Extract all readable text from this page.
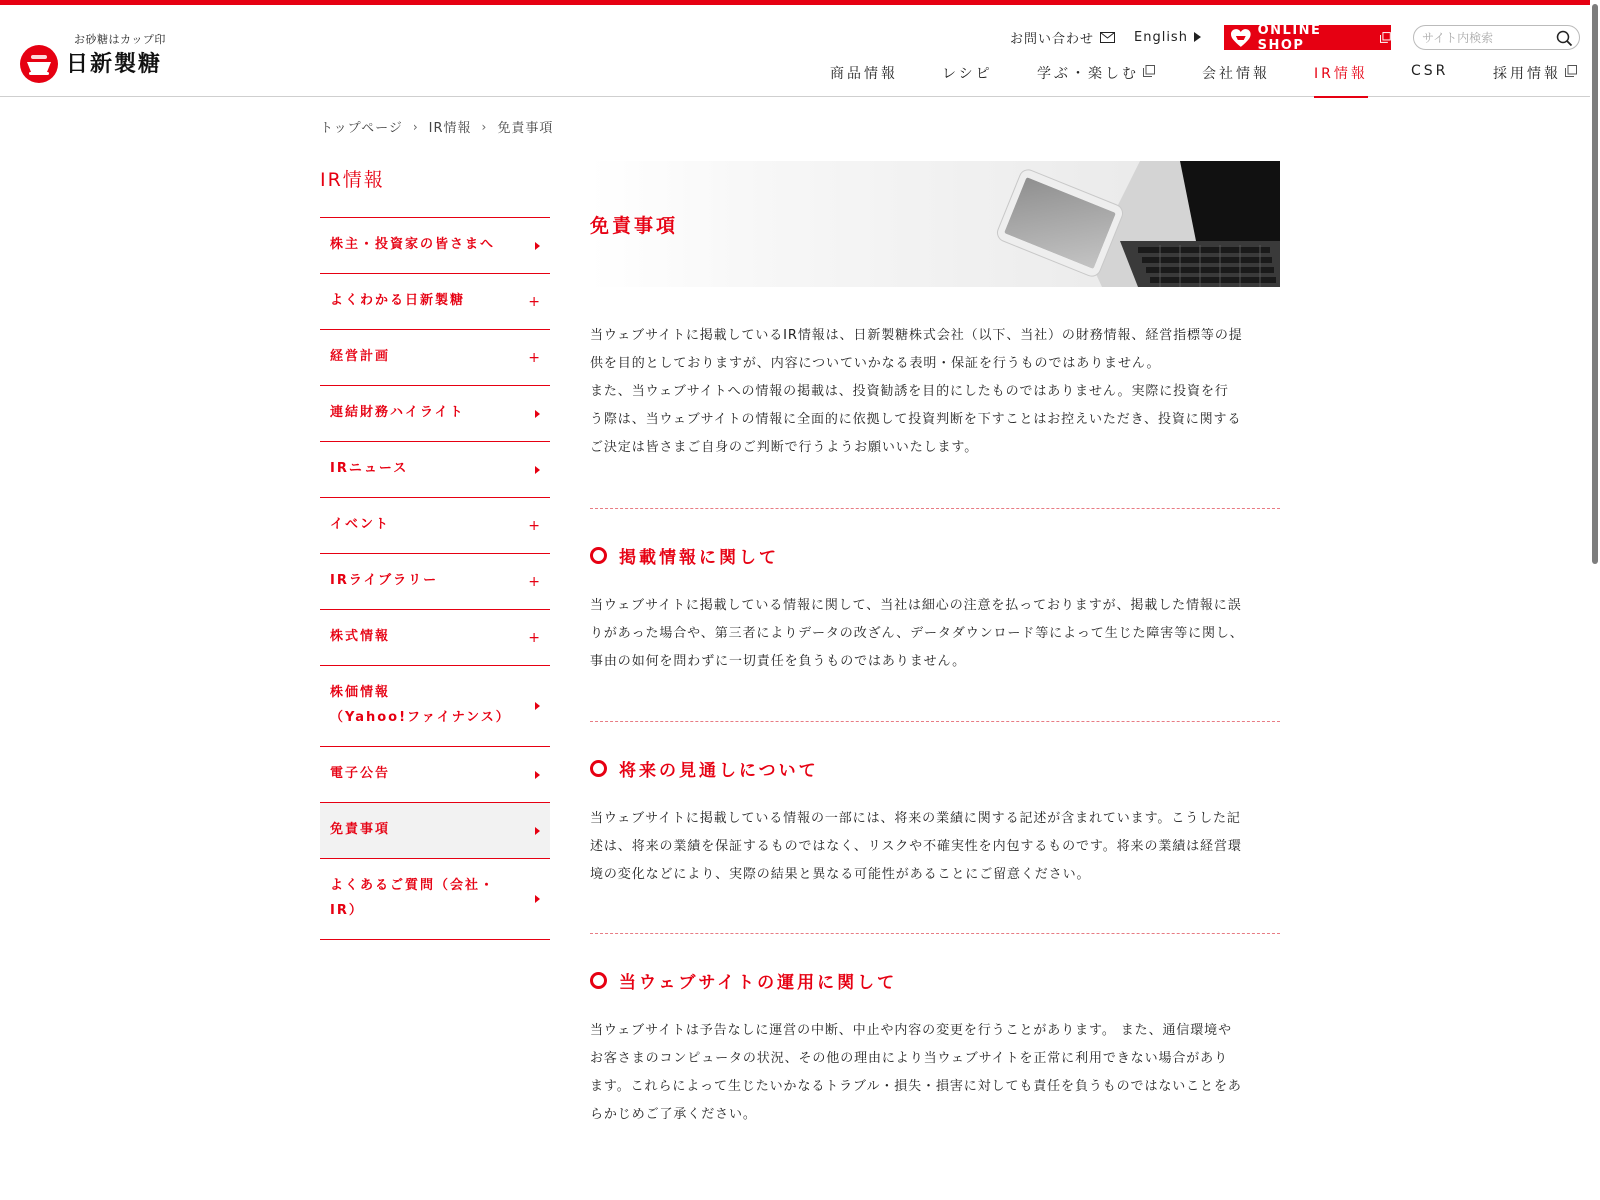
お砂糖はカップ印
日新製糖
お問い合わせ	English	ONLINE SHOP
サイト内検索
商品情報	レシピ	学ぶ・楽しむ	会社情報	IR情報	CSR	採用情報
トップページ › IR情報 › 免責事項
IR情報
株主・投資家の皆さまへ
よくわかる日新製糖	+
経営計画	+
連結財務ハイライト
IRニュース
イベント	+
IRライブラリー	+
株式情報	+
株価情報
（Yahoo!ファイナンス）
電子公告
免責事項
よくあるご質問（会社・
IR）
免責事項
当ウェブサイトに掲載しているIR情報は、日新製糖株式会社（以下、当社）の財務情報、経営指標等の提
供を目的としておりますが、内容についていかなる表明・保証を行うものではありません。
また、当ウェブサイトへの情報の掲載は、投資勧誘を目的にしたものではありません。実際に投資を行
う際は、当ウェブサイトの情報に全面的に依拠して投資判断を下すことはお控えいただき、投資に関する
ご決定は皆さまご自身のご判断で行うようお願いいたします。
掲載情報に関して
当ウェブサイトに掲載している情報に関して、当社は細心の注意を払っておりますが、掲載した情報に誤
りがあった場合や、第三者によりデータの改ざん、データダウンロード等によって生じた障害等に関し、
事由の如何を問わずに一切責任を負うものではありません。
将来の見通しについて
当ウェブサイトに掲載している情報の一部には、将来の業績に関する記述が含まれています。こうした記
述は、将来の業績を保証するものではなく、リスクや不確実性を内包するものです。将来の業績は経営環
境の変化などにより、実際の結果と異なる可能性があることにご留意ください。
当ウェブサイトの運用に関して
当ウェブサイトは予告なしに運営の中断、中止や内容の変更を行うことがあります。 また、通信環境や
お客さまのコンピュータの状況、その他の理由により当ウェブサイトを正常に利用できない場合があり
ます。これらによって生じたいかなるトラブル・損失・損害に対しても責任を負うものではないことをあ
らかじめご了承ください。
